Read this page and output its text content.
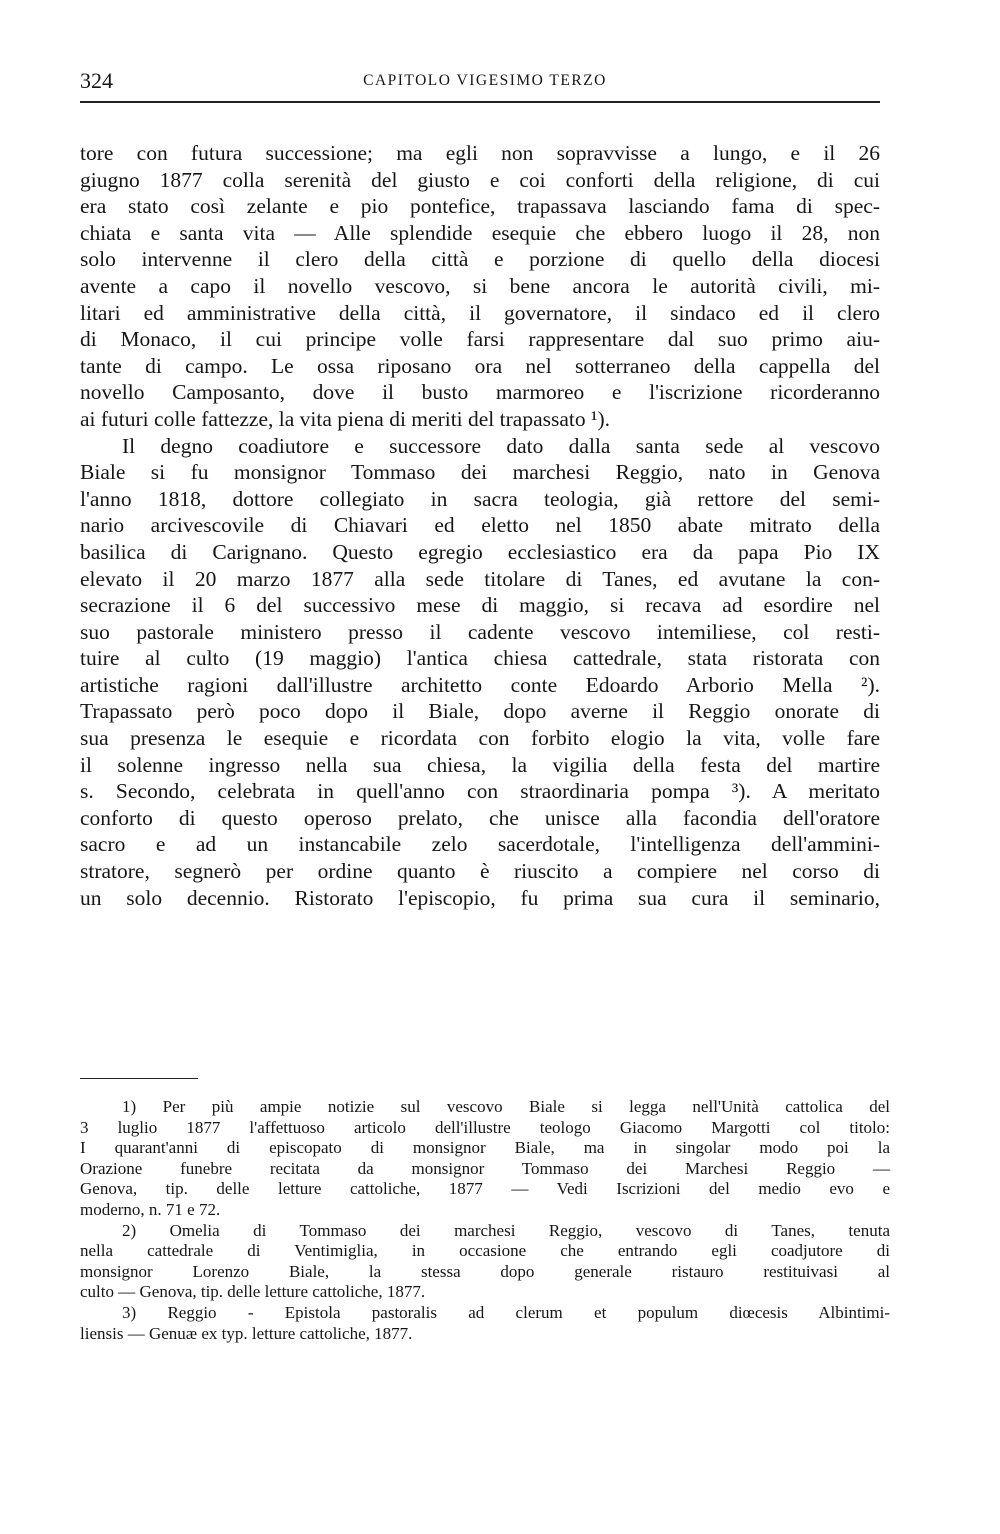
324	CAPITOLO VIGESIMO TERZO
tore con futura successione; ma egli non sopravvisse a lungo, e il 26
giugno 1877 colla serenità del giusto e coi conforti della religione, di cui
era stato così zelante e pio pontefice, trapassava lasciando fama di spec-
chiata e santa vita — Alle splendide esequie che ebbero luogo il 28, non
solo intervenne il clero della città e porzione di quello della diocesi
avente a capo il novello vescovo, si bene ancora le autorità civili, mi-
litari ed amministrative della città, il governatore, il sindaco ed il clero
di Monaco, il cui principe volle farsi rappresentare dal suo primo aiu-
tante di campo. Le ossa riposano ora nel sotterraneo della cappella del
novello Camposanto, dove il busto marmoreo e l'iscrizione ricorderanno
ai futuri colle fattezze, la vita piena di meriti del trapassato ¹).
Il degno coadiutore e successore dato dalla santa sede al vescovo
Biale si fu monsignor Tommaso dei marchesi Reggio, nato in Genova
l'anno 1818, dottore collegiato in sacra teologia, già rettore del semi-
nario arcivescovile di Chiavari ed eletto nel 1850 abate mitrato della
basilica di Carignano. Questo egregio ecclesiastico era da papa Pio IX
elevato il 20 marzo 1877 alla sede titolare di Tanes, ed avutane la con-
secrazione il 6 del successivo mese di maggio, si recava ad esordire nel
suo pastorale ministero presso il cadente vescovo intemiliese, col resti-
tuire al culto (19 maggio) l'antica chiesa cattedrale, stata ristorata con
artistiche ragioni dall'illustre architetto conte Edoardo Arborio Mella ²).
Trapassato però poco dopo il Biale, dopo averne il Reggio onorate di
sua presenza le esequie e ricordata con forbito elogio la vita, volle fare
il solenne ingresso nella sua chiesa, la vigilia della festa del martire
s. Secondo, celebrata in quell'anno con straordinaria pompa ³). A meritato
conforto di questo operoso prelato, che unisce alla facondia dell'oratore
sacro e ad un instancabile zelo sacerdotale, l'intelligenza dell'ammini-
stratore, segnerò per ordine quanto è riuscito a compiere nel corso di
un solo decennio. Ristorato l'episcopio, fu prima sua cura il seminario,
1) Per più ampie notizie sul vescovo Biale si legga nell'Unità cattolica del
3 luglio 1877 l'affettuoso articolo dell'illustre teologo Giacomo Margotti col titolo:
I quarant'anni di episcopato di monsignor Biale, ma in singolar modo poi la
Orazione funebre recitata da monsignor Tommaso dei Marchesi Reggio —
Genova, tip. delle letture cattoliche, 1877 — Vedi Iscrizioni del medio evo e
moderno, n. 71 e 72.
2) Omelia di Tommaso dei marchesi Reggio, vescovo di Tanes, tenuta
nella cattedrale di Ventimiglia, in occasione che entrando egli coadjutore di
monsignor Lorenzo Biale, la stessa dopo generale ristauro restituivasi al
culto — Genova, tip. delle letture cattoliche, 1877.
3) Reggio - Epistola pastoralis ad clerum et populum diœcesis Albintimi-
liensis — Genuæ ex typ. letture cattoliche, 1877.
